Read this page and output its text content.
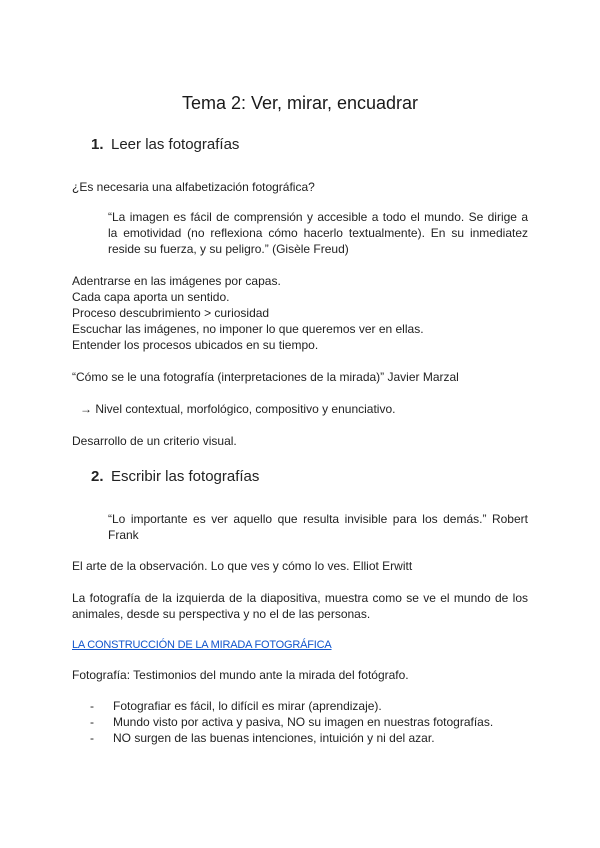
Tema 2: Ver, mirar, encuadrar
1. Leer las fotografías
¿Es necesaria una alfabetización fotográfica?
“La imagen es fácil de comprensión y accesible a todo el mundo. Se dirige a
la emotividad (no reflexiona cómo hacerlo textualmente). En su inmediatez
reside su fuerza, y su peligro.” (Gisèle Freud)
Adentrarse en las imágenes por capas.
Cada capa aporta un sentido.
Proceso descubrimiento > curiosidad
Escuchar las imágenes, no imponer lo que queremos ver en ellas.
Entender los procesos ubicados en su tiempo.
“Cómo se le una fotografía (interpretaciones de la mirada)” Javier Marzal
→ Nivel contextual, morfológico, compositivo y enunciativo.
Desarrollo de un criterio visual.
2. Escribir las fotografías
“Lo importante es ver aquello que resulta invisible para los demás.” Robert
Frank
El arte de la observación. Lo que ves y cómo lo ves. Elliot Erwitt
La fotografía de la izquierda de la diapositiva, muestra como se ve el mundo de los
animales, desde su perspectiva y no el de las personas.
LA CONSTRUCCIÓN DE LA MIRADA FOTOGRÁFICA
Fotografía: Testimonios del mundo ante la mirada del fotógrafo.
- Fotografiar es fácil, lo difícil es mirar (aprendizaje).
- Mundo visto por activa y pasiva, NO su imagen en nuestras fotografías.
- NO surgen de las buenas intenciones, intuición y ni del azar.
